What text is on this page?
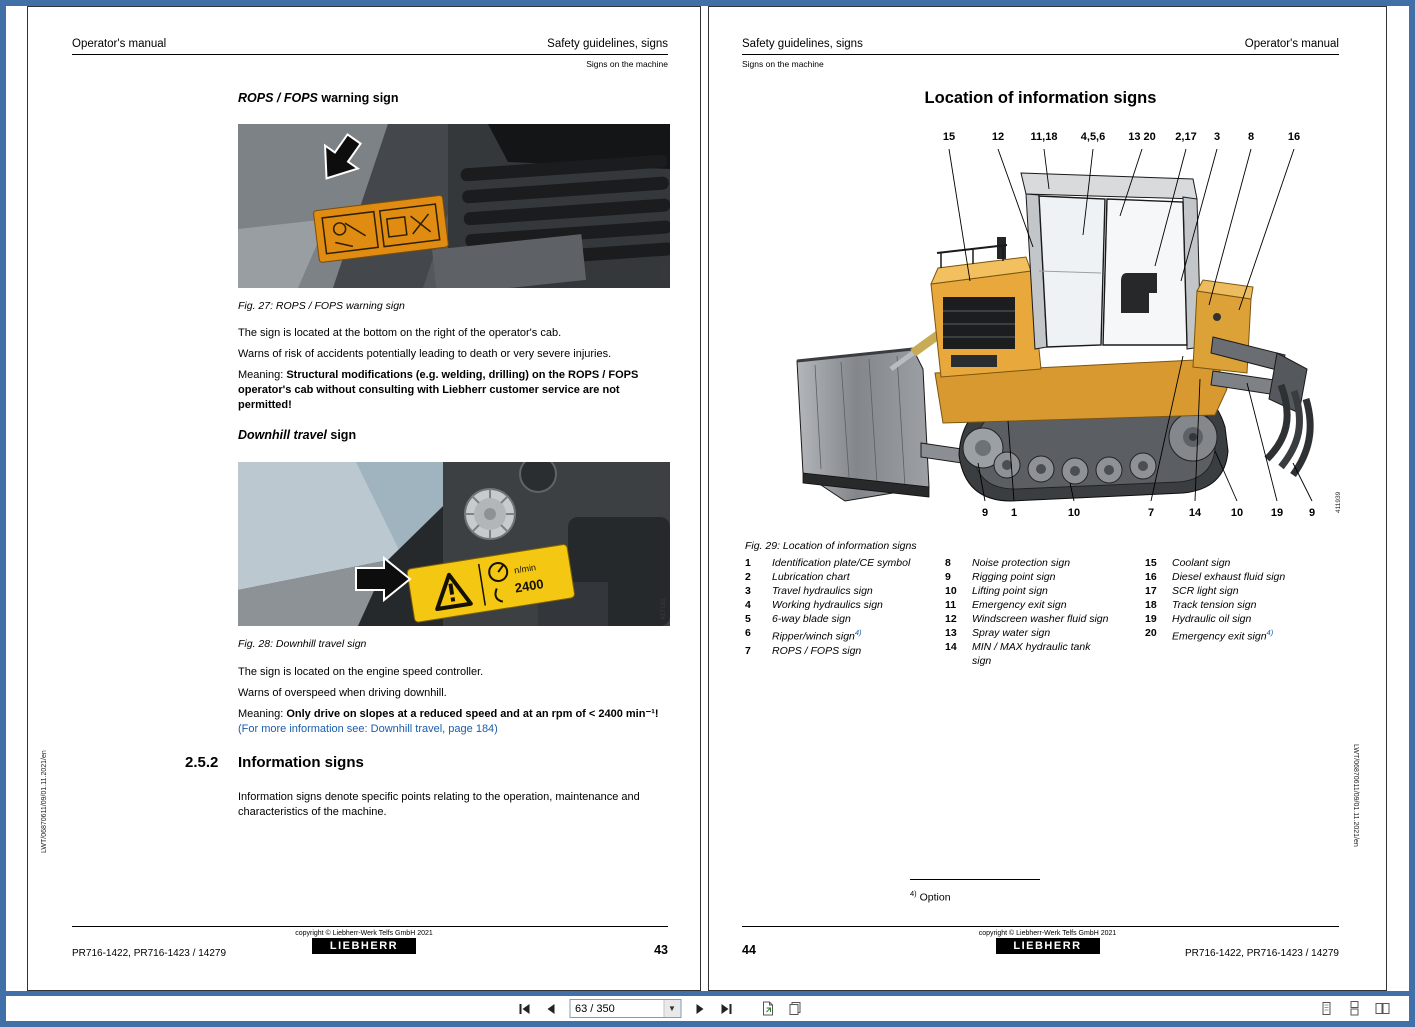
Operator's manual	Safety guidelines, signs
Signs on the machine
ROPS / FOPS warning sign
411118
Fig. 27: ROPS / FOPS warning sign
The sign is located at the bottom on the right of the operator's cab.
Warns of risk of accidents potentially leading to death or very severe injuries.
Meaning: Structural modifications (e.g. welding, drilling) on the ROPS / FOPS operator's cab without consulting with Liebherr customer service are not permitted!
Downhill travel sign
n/min
2400
417161
Fig. 28: Downhill travel sign
The sign is located on the engine speed controller.
Warns of overspeed when driving downhill.
Meaning: Only drive on slopes at a reduced speed and at an rpm of < 2400 min⁻¹! (For more information see: Downhill travel, page 184)
2.5.2 Information signs
Information signs denote specific points relating to the operation, maintenance and characteristics of the machine.
copyright © Liebherr-Werk Telfs GmbH 2021
LIEBHERR
PR716-1422, PR716-1423 / 14279	43
LWT/06870611/09/01.11.2021/en
Safety guidelines, signs	Operator's manual
Signs on the machine
Location of information signs
15	12 11,18 4,5,6 13 20 2,17 3	8	16
9 1	10	7	14	10	19 9	411939
Fig. 29: Location of information signs
1	Identification plate/CE symbol
2	Lubrication chart
3	Travel hydraulics sign
4	Working hydraulics sign
5	6-way blade sign
6	Ripper/winch sign$^{4)}$
7	ROPS / FOPS sign
8	Noise protection sign
9	Rigging point sign
10	Lifting point sign
11	Emergency exit sign
12	Windscreen washer fluid sign
13	Spray water sign
14	MIN / MAX hydraulic tank
sign
15	Coolant sign
16	Diesel exhaust fluid sign
17	SCR light sign
18	Track tension sign
19	Hydraulic oil sign
20	Emergency exit sign$^{4)}$
$^{4)}$ Option
44
copyright © Liebherr-Werk Telfs GmbH 2021
LIEBHERR
PR716-1422, PR716-1423 / 14279
LWT/06870611/09/01.11.2021/en
63 / 350
▼
